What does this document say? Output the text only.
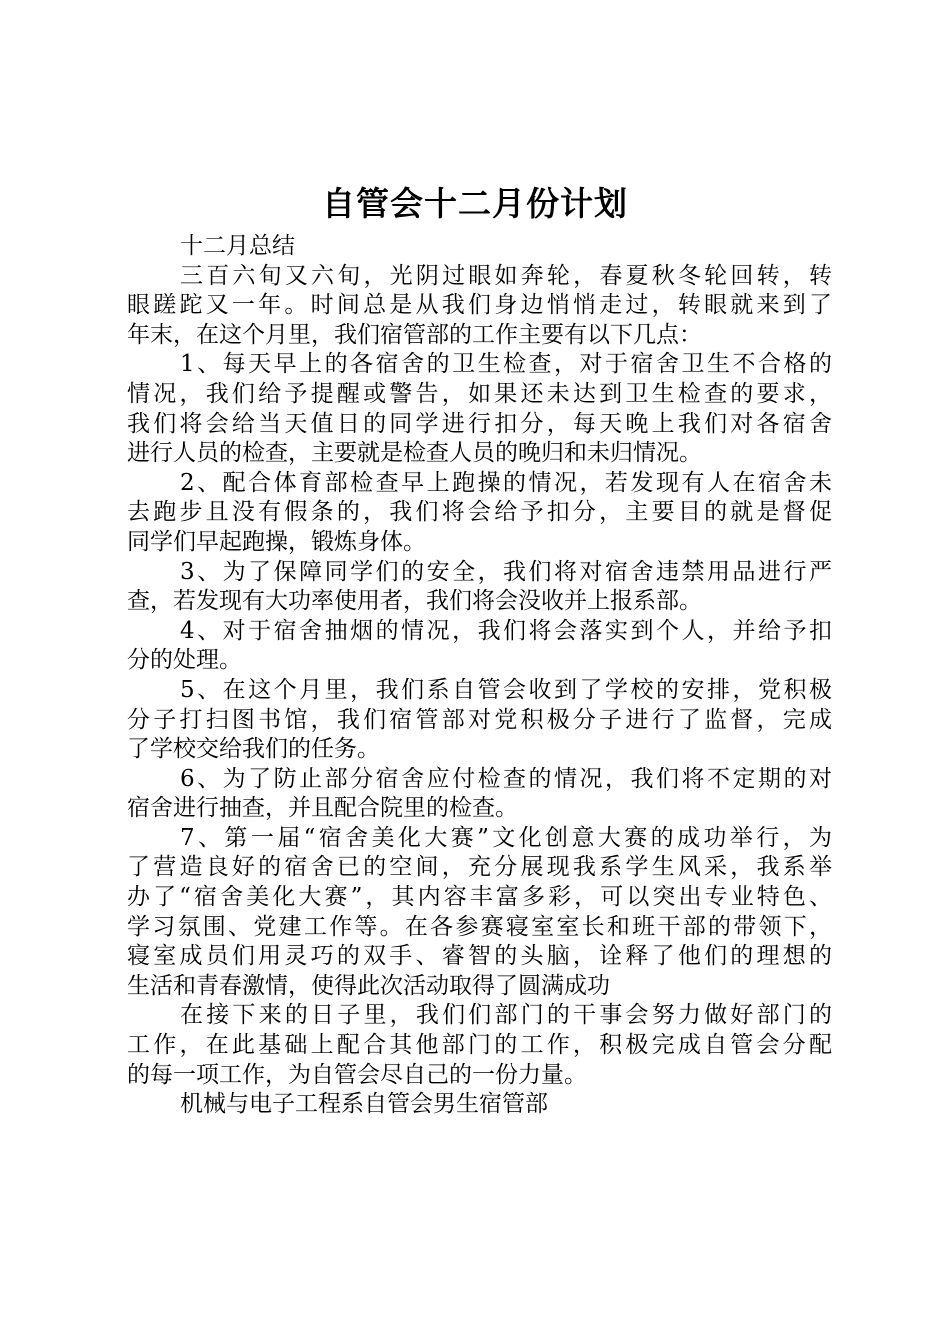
自管会十二月份计划
十二月总结
三百六旬又六旬，光阴过眼如奔轮，春夏秋冬轮回转，转
眼蹉跎又一年。时间总是从我们身边悄悄走过，转眼就来到了
年末，在这个月里，我们宿管部的工作主要有以下几点：
1、每天早上的各宿舍的卫生检查，对于宿舍卫生不合格的
情况，我们给予提醒或警告，如果还未达到卫生检查的要求，
我们将会给当天值日的同学进行扣分，每天晚上我们对各宿舍
进行人员的检查，主要就是检查人员的晚归和未归情况。
2、配合体育部检查早上跑操的情况，若发现有人在宿舍未
去跑步且没有假条的，我们将会给予扣分，主要目的就是督促
同学们早起跑操，锻炼身体。
3、为了保障同学们的安全，我们将对宿舍违禁用品进行严
查，若发现有大功率使用者，我们将会没收并上报系部。
4、对于宿舍抽烟的情况，我们将会落实到个人，并给予扣
分的处理。
5、在这个月里，我们系自管会收到了学校的安排，党积极
分子打扫图书馆，我们宿管部对党积极分子进行了监督，完成
了学校交给我们的任务。
6、为了防止部分宿舍应付检查的情况，我们将不定期的对
宿舍进行抽查，并且配合院里的检查。
7、第一届“宿舍美化大赛”文化创意大赛的成功举行，为
了营造良好的宿舍已的空间，充分展现我系学生风采，我系举
办了“宿舍美化大赛”，其内容丰富多彩，可以突出专业特色、
学习氛围、党建工作等。在各参赛寝室室长和班干部的带领下，
寝室成员们用灵巧的双手、睿智的头脑，诠释了他们的理想的
生活和青春激情，使得此次活动取得了圆满成功
在接下来的日子里，我们们部门的干事会努力做好部门的
工作，在此基础上配合其他部门的工作，积极完成自管会分配
的每一项工作，为自管会尽自己的一份力量。
机械与电子工程系自管会男生宿管部
